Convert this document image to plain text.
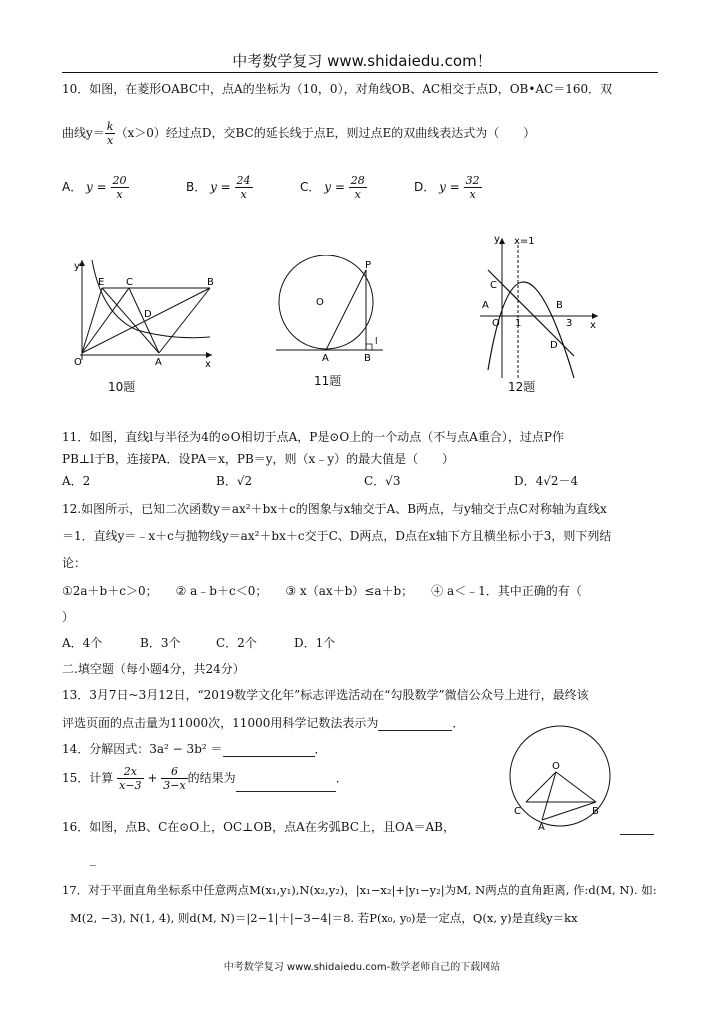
中考数学复习 www.shidaiedu.com！
10．如图，在菱形OABC中，点A的坐标为（10，0），对角线OB、AC相交于点D，OB•AC＝160．双
曲线$y= \frac{k}{x} (x>0)$经过点D，交BC的延长线于点E，则过点E的双曲线表达式为（　　）
A． $y = \frac{20}{x}$	B． $y = \frac{24}{x}$	C． $y = \frac{28}{x}$	D． $y = \frac{32}{x}$
y
x
O
E C	B
D
A
10题
P
O
l
A	B
11题
y x=1
C
A
O 1
B
3 x
D
12题
11．如图，直线l与半径为4的⊙O相切于点A，P是⊙O上的一个动点（不与点A重合），过点P作
PB⊥l于B，连接PA．设PA＝x，PB＝y，则（x﹣y）的最大值是（　　）
A．2	B．√2	C．√3	D．4√2－4
12.如图所示，已知二次函数y＝ax²＋bx＋c的图象与x轴交于A、B两点，与y轴交于点C对称轴为直线x
＝1．直线y＝﹣x＋c与抛物线y＝ax²＋bx＋c交于C、D两点，D点在x轴下方且横坐标小于3，则下列结
论：
①2a＋b＋c＞0；　　② a﹣b＋c＜0；　　③ x（ax＋b）≤a＋b；　　④ a＜﹣1．其中正确的有（
）
A．4个	B．3个	C．2个	D．1个
二.填空题（每小题4分，共24分）
13．3月7日~3月12日，“2019数学文化年”标志评选活动在“勾股数学”微信公众号上进行，最终该
评选页面的点击量为11000次，11000用科学记数法表示为	．
14．分解因式：3a² − 3b² ＝	．
15．计算 $\frac{2x}{x-3} + \frac{6}{3-x}$ 的结果为	．
O
C
A
B
16．如图，点B、C在⊙O上，OC⊥OB，点A在劣弧BC上，且OA＝AB，
_
17．对于平面直角坐标系中任意两点M(x₁,y₁),N(x₂,y₂)，|x₁−x₂|+|y₁−y₂|为M, N两点的直角距离, 作:d(M, N). 如:
M(2, −3), N(1, 4), 则d(M, N)＝|2−1|＋|−3−4|＝8. 若P(x₀, y₀)是一定点，Q(x, y)是直线y＝kx
中考数学复习 www.shidaiedu.com-数学老师自己的下载网站
